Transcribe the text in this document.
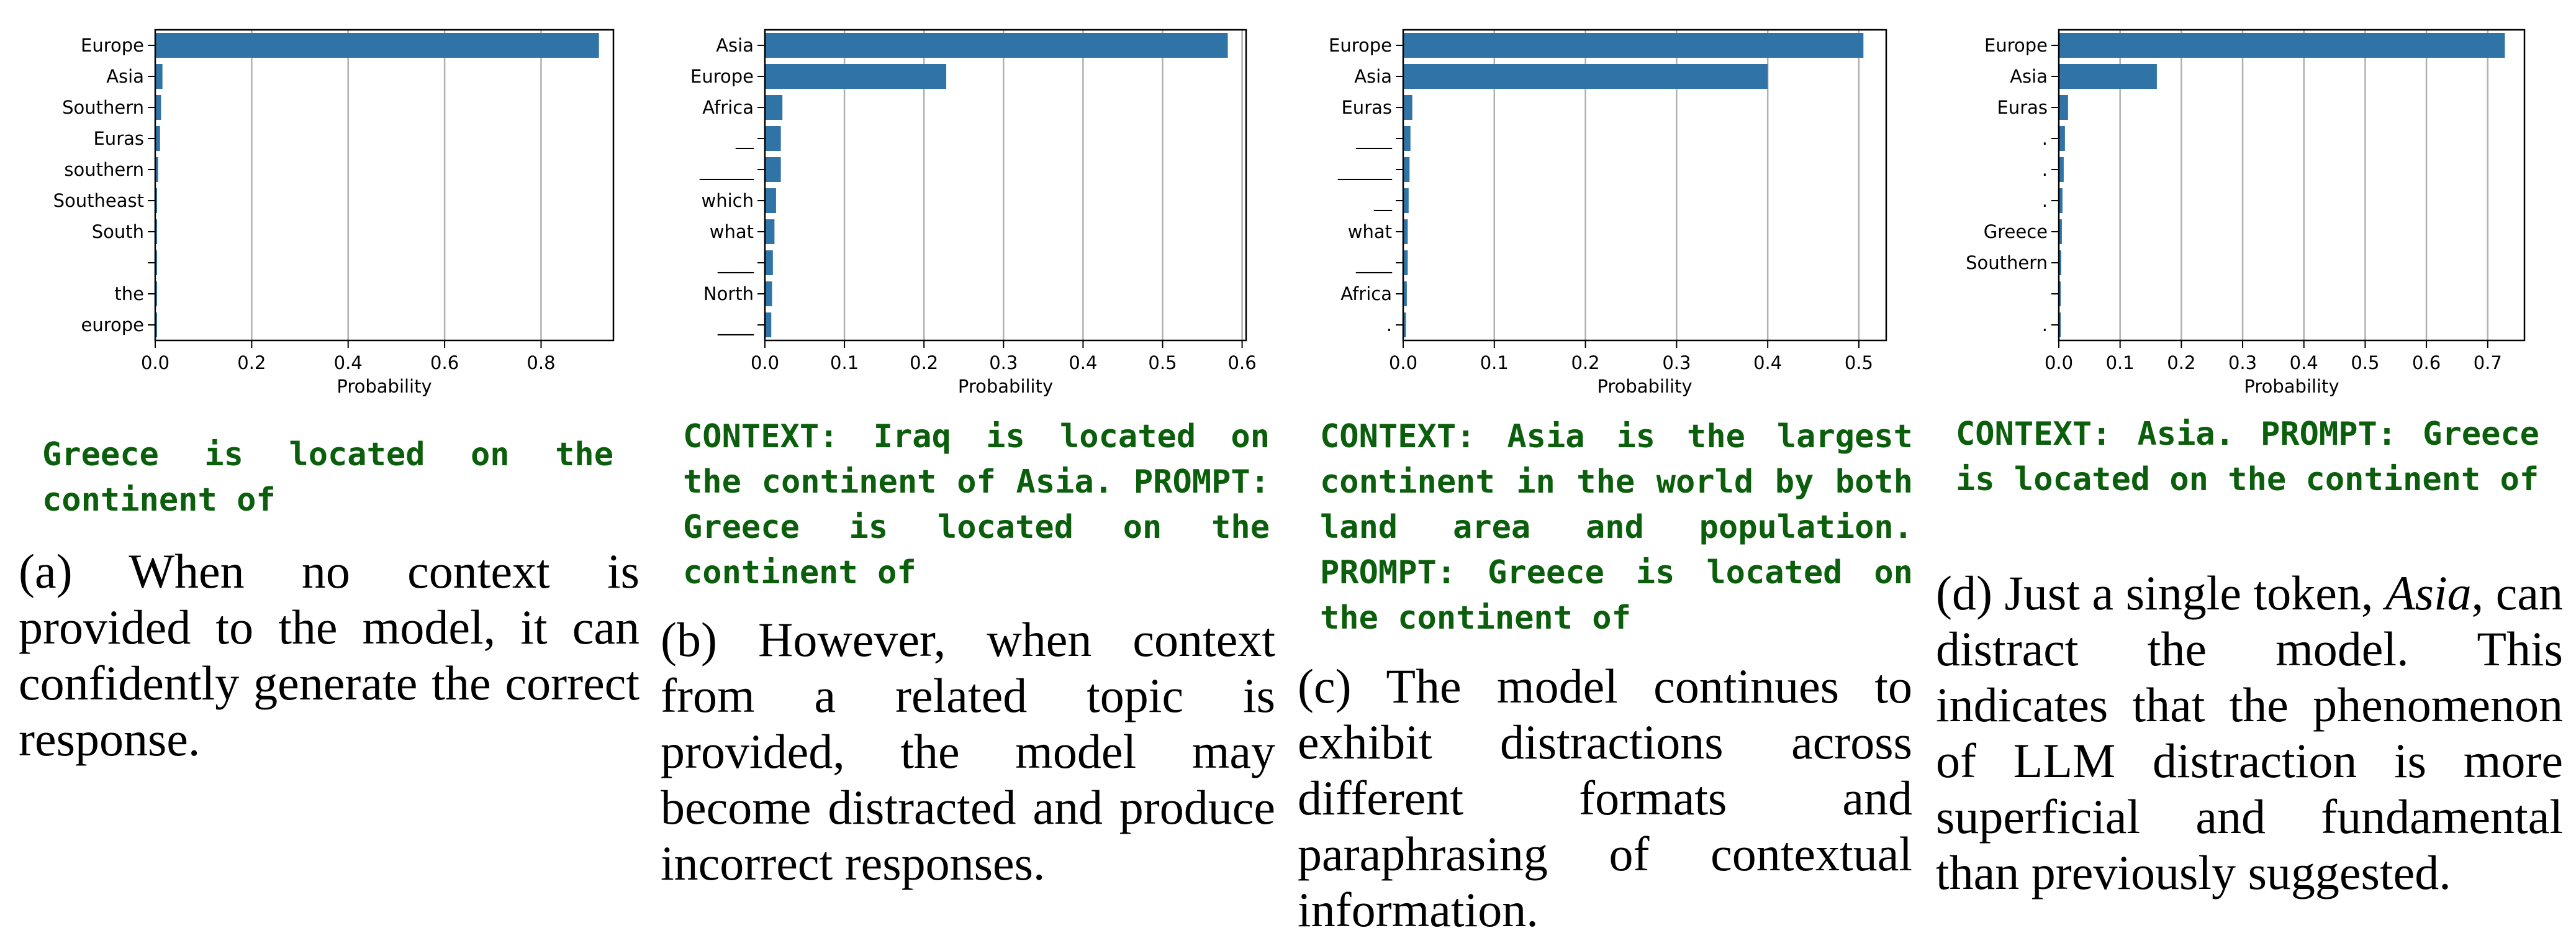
Europe
Asia
Southern
Euras
southern
Southeast
South
the
europe
0.0	0.2	0.4	0.6	0.8
Probability

Greece is located on the continent of

(a) When no context is provided to the model, it can confidently generate the correct response.

Asia
Europe
Africa
__
______
which
what
____
North
____
0.0	0.1	0.2	0.3	0.4	0.5	0.6
Probability

CONTEXT: Iraq is located on the continent of Asia. PROMPT: Greece is located on the continent of

(b) However, when context from a related topic is provided, the model may become distracted and produce incorrect responses.

Europe
Asia
Euras
____
______
__
what
____
Africa
.
0.0	0.1	0.2	0.3	0.4	0.5
Probability

CONTEXT: Asia is the largest continent in the world by both land area and population. PROMPT: Greece is located on the continent of

(c) The model continues to exhibit distractions across different formats and paraphrasing of contextual information.

Europe
Asia
Euras
.
.
.
Greece
Southern
.
0.0 0.1 0.2 0.3 0.4 0.5 0.6 0.7
Probability

CONTEXT: Asia. PROMPT: Greece is located on the continent of

(d) Just a single token, Asia, can distract the model. This indicates that the phenomenon of LLM distraction is more superficial and fundamental than previously suggested.
